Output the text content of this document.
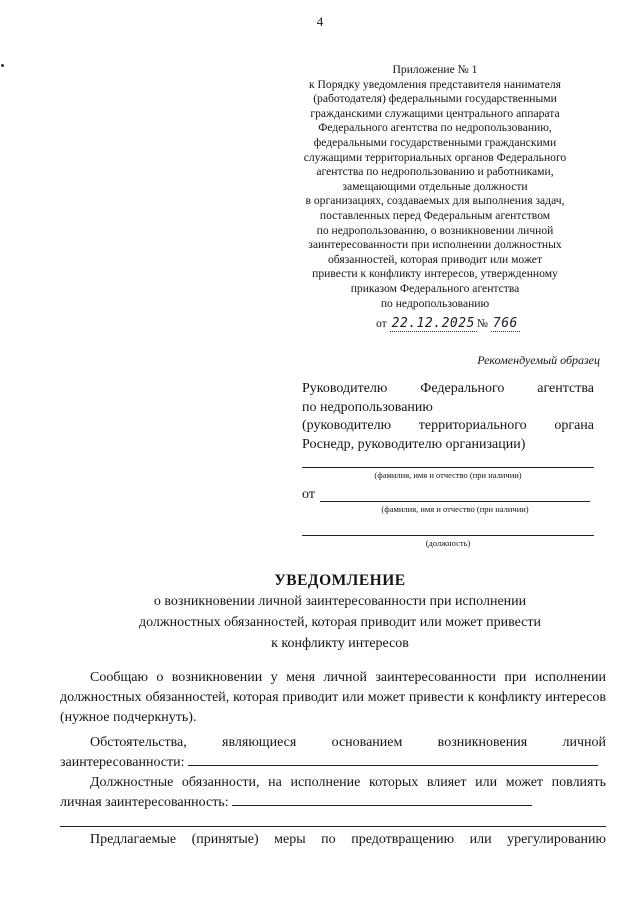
4
Приложение № 1
к Порядку уведомления представителя нанимателя
(работодателя) федеральными государственными
гражданскими служащими центрального аппарата
Федерального агентства по недропользованию,
федеральными государственными гражданскими
служащими территориальных органов Федерального
агентства по недропользованию и работниками,
замещающими отдельные должности
в организациях, создаваемых для выполнения задач,
поставленных перед Федеральным агентством
по недропользованию, о возникновении личной
заинтересованности при исполнении должностных
обязанностей, которая приводит или может
привести к конфликту интересов, утвержденному
приказом Федерального агентства
по недропользованию
от 22.12.2025 № 766
Рекомендуемый образец
Руководителю Федерального агентства
по недропользованию
(руководителю территориального органа
Роснедр, руководителю организации)
(фамилия, имя и отчество (при наличии)
от
(фамилия, имя и отчество (при наличии)
(должность)
УВЕДОМЛЕНИЕ
о возникновении личной заинтересованности при исполнении
должностных обязанностей, которая приводит или может привести
к конфликту интересов
Сообщаю о возникновении у меня личной заинтересованности при исполнении должностных обязанностей, которая приводит или может привести к конфликту интересов (нужное подчеркнуть).
Обстоятельства, являющиеся основанием возникновения личной заинтересованности:
Должностные обязанности, на исполнение которых влияет или может повлиять личная заинтересованность:
Предлагаемые (принятые) меры по предотвращению или урегулированию
